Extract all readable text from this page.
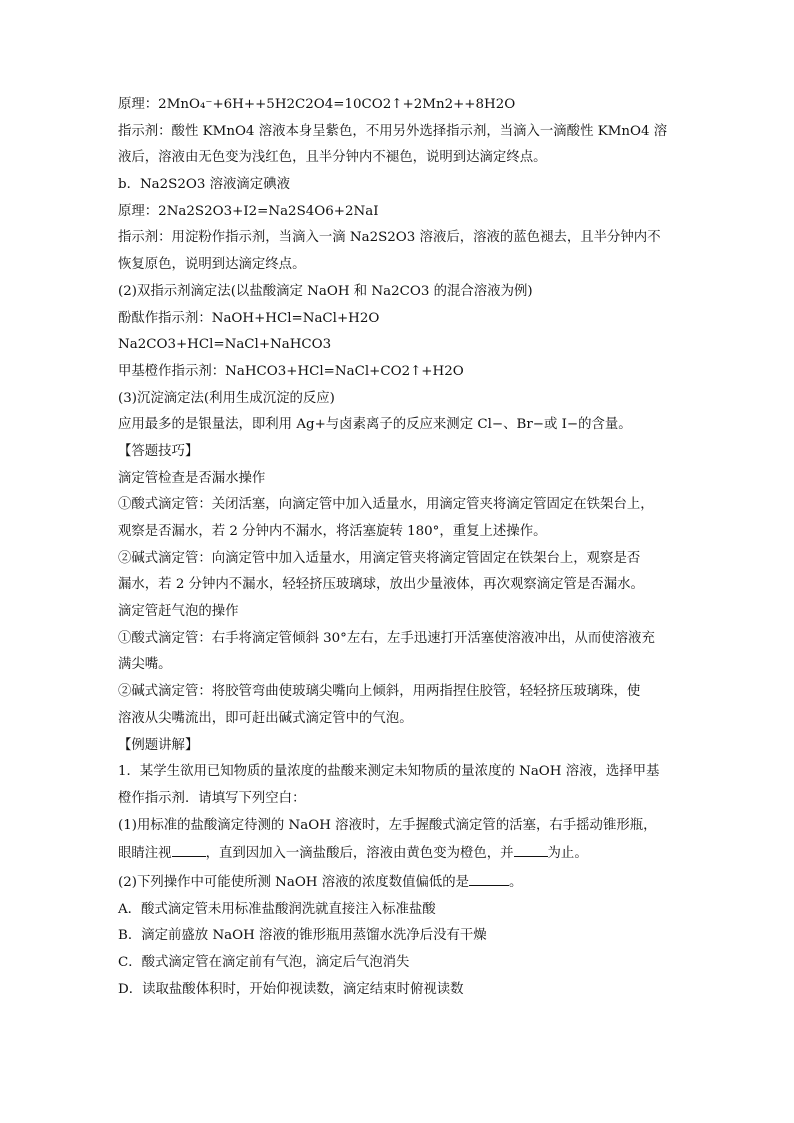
原理：2MnO₄⁻+6H++5H2C2O4=10CO2↑+2Mn2++8H2O

指示剂：酸性 KMnO4 溶液本身呈紫色，不用另外选择指示剂，当滴入一滴酸性 KMnO4 溶

液后，溶液由无色变为浅红色，且半分钟内不褪色，说明到达滴定终点。

b．Na2S2O3 溶液滴定碘液

原理：2Na2S2O3+I2=Na2S4O6+2NaI

指示剂：用淀粉作指示剂，当滴入一滴 Na2S2O3 溶液后，溶液的蓝色褪去，且半分钟内不

恢复原色，说明到达滴定终点。

(2)双指示剂滴定法(以盐酸滴定 NaOH 和 Na2CO3 的混合溶液为例)

酚酞作指示剂：NaOH+HCl=NaCl+H2O

Na2CO3+HCl=NaCl+NaHCO3

甲基橙作指示剂：NaHCO3+HCl=NaCl+CO2↑+H2O

(3)沉淀滴定法(利用生成沉淀的反应)

应用最多的是银量法，即利用 Ag+与卤素离子的反应来测定 Cl−、Br−或 I−的含量。

【答题技巧】

滴定管检查是否漏水操作

①酸式滴定管：关闭活塞，向滴定管中加入适量水，用滴定管夹将滴定管固定在铁架台上，

观察是否漏水，若 2 分钟内不漏水，将活塞旋转 180°，重复上述操作。

②碱式滴定管：向滴定管中加入适量水，用滴定管夹将滴定管固定在铁架台上，观察是否

漏水，若 2 分钟内不漏水，轻轻挤压玻璃球，放出少量液体，再次观察滴定管是否漏水。

滴定管赶气泡的操作

①酸式滴定管：右手将滴定管倾斜 30°左右，左手迅速打开活塞使溶液冲出，从而使溶液充

满尖嘴。

②碱式滴定管：将胶管弯曲使玻璃尖嘴向上倾斜，用两指捏住胶管，轻轻挤压玻璃珠，使

溶液从尖嘴流出，即可赶出碱式滴定管中的气泡。

【例题讲解】

1．某学生欲用已知物质的量浓度的盐酸来测定未知物质的量浓度的 NaOH 溶液，选择甲基

橙作指示剂．请填写下列空白：

(1)用标准的盐酸滴定待测的 NaOH 溶液时，左手握酸式滴定管的活塞，右手摇动锥形瓶，

眼睛注视	，直到因加入一滴盐酸后，溶液由黄色变为橙色，并	为止。

(2)下列操作中可能使所测 NaOH 溶液的浓度数值偏低的是	。

A．酸式滴定管未用标准盐酸润洗就直接注入标准盐酸

B．滴定前盛放 NaOH 溶液的锥形瓶用蒸馏水洗净后没有干燥

C．酸式滴定管在滴定前有气泡，滴定后气泡消失

D．读取盐酸体积时，开始仰视读数，滴定结束时俯视读数
